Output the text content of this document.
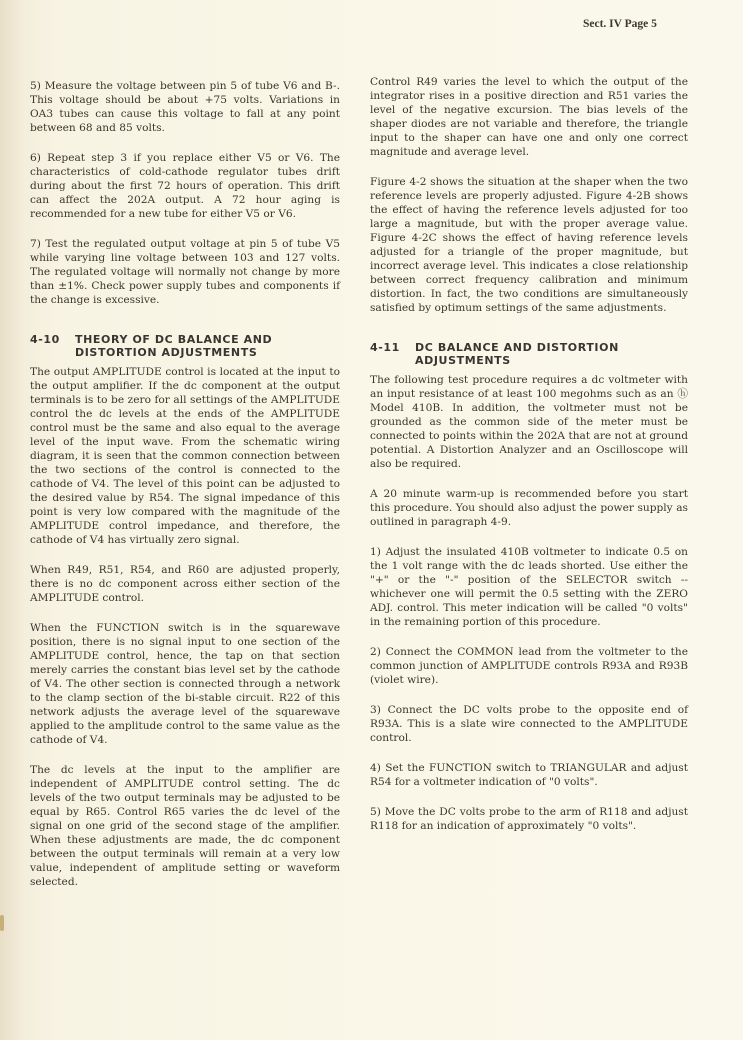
Sect. IV Page 5

5) Measure the voltage between pin 5 of tube V6 and B-. This voltage should be about +75 volts. Variations in OA3 tubes can cause this voltage to fall at any point between 68 and 85 volts.

6) Repeat step 3 if you replace either V5 or V6. The characteristics of cold-cathode regulator tubes drift during about the first 72 hours of operation. This drift can affect the 202A output. A 72 hour aging is recommended for a new tube for either V5 or V6.

7) Test the regulated output voltage at pin 5 of tube V5 while varying line voltage between 103 and 127 volts. The regulated voltage will normally not change by more than ±1%. Check power supply tubes and components if the change is excessive.

4-10	THEORY OF DC BALANCE AND DISTORTION ADJUSTMENTS

The output AMPLITUDE control is located at the input to the output amplifier. If the dc component at the output terminals is to be zero for all settings of the AMPLITUDE control the dc levels at the ends of the AMPLITUDE control must be the same and also equal to the average level of the input wave. From the schematic wiring diagram, it is seen that the common connection between the two sections of the control is connected to the cathode of V4. The level of this point can be adjusted to the desired value by R54. The signal impedance of this point is very low compared with the magnitude of the AMPLITUDE control impedance, and therefore, the cathode of V4 has virtually zero signal.

When R49, R51, R54, and R60 are adjusted properly, there is no dc component across either section of the AMPLITUDE control.

When the FUNCTION switch is in the squarewave position, there is no signal input to one section of the AMPLITUDE control, hence, the tap on that section merely carries the constant bias level set by the cathode of V4. The other section is connected through a network to the clamp section of the bi-stable circuit. R22 of this network adjusts the average level of the squarewave applied to the amplitude control to the same value as the cathode of V4.

The dc levels at the input to the amplifier are independent of AMPLITUDE control setting. The dc levels of the two output terminals may be adjusted to be equal by R65. Control R65 varies the dc level of the signal on one grid of the second stage of the amplifier. When these adjustments are made, the dc component between the output terminals will remain at a very low value, independent of amplitude setting or waveform selected.

Control R49 varies the level to which the output of the integrator rises in a positive direction and R51 varies the level of the negative excursion. The bias levels of the shaper diodes are not variable and therefore, the triangle input to the shaper can have one and only one correct magnitude and average level.

Figure 4-2 shows the situation at the shaper when the two reference levels are properly adjusted. Figure 4-2B shows the effect of having the reference levels adjusted for too large a magnitude, but with the proper average value. Figure 4-2C shows the effect of having reference levels adjusted for a triangle of the proper magnitude, but incorrect average level. This indicates a close relationship between correct frequency calibration and minimum distortion. In fact, the two conditions are simultaneously satisfied by optimum settings of the same adjustments.

4-11	DC BALANCE AND DISTORTION ADJUSTMENTS

The following test procedure requires a dc voltmeter with an input resistance of at least 100 megohms such as an ⓗ Model 410B. In addition, the voltmeter must not be grounded as the common side of the meter must be connected to points within the 202A that are not at ground potential. A Distortion Analyzer and an Oscilloscope will also be required.

A 20 minute warm-up is recommended before you start this procedure. You should also adjust the power supply as outlined in paragraph 4-9.

1) Adjust the insulated 410B voltmeter to indicate 0.5 on the 1 volt range with the dc leads shorted. Use either the "+" or the "-" position of the SELECTOR switch -- whichever one will permit the 0.5 setting with the ZERO ADJ. control. This meter indication will be called "0 volts" in the remaining portion of this procedure.

2) Connect the COMMON lead from the voltmeter to the common junction of AMPLITUDE controls R93A and R93B (violet wire).

3) Connect the DC volts probe to the opposite end of R93A. This is a slate wire connected to the AMPLITUDE control.

4) Set the FUNCTION switch to TRIANGULAR and adjust R54 for a voltmeter indication of "0 volts".

5) Move the DC volts probe to the arm of R118 and adjust R118 for an indication of approximately "0 volts".
